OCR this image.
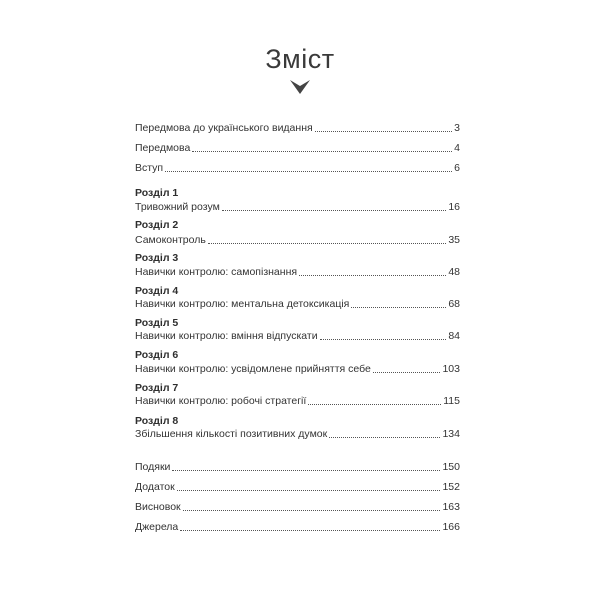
Зміст
Передмова до українського видання	3
Передмова	4
Вступ	6
Розділ 1
Тривожний розум	16
Розділ 2
Самоконтроль	35
Розділ 3
Навички контролю: самопізнання	48
Розділ 4
Навички контролю: ментальна детоксикація	68
Розділ 5
Навички контролю: вміння відпускати	84
Розділ 6
Навички контролю: усвідомлене прийняття себе	103
Розділ 7
Навички контролю: робочі стратегії	115
Розділ 8
Збільшення кількості позитивних думок	134
Подяки	150
Додаток	152
Висновок	163
Джерела	166
